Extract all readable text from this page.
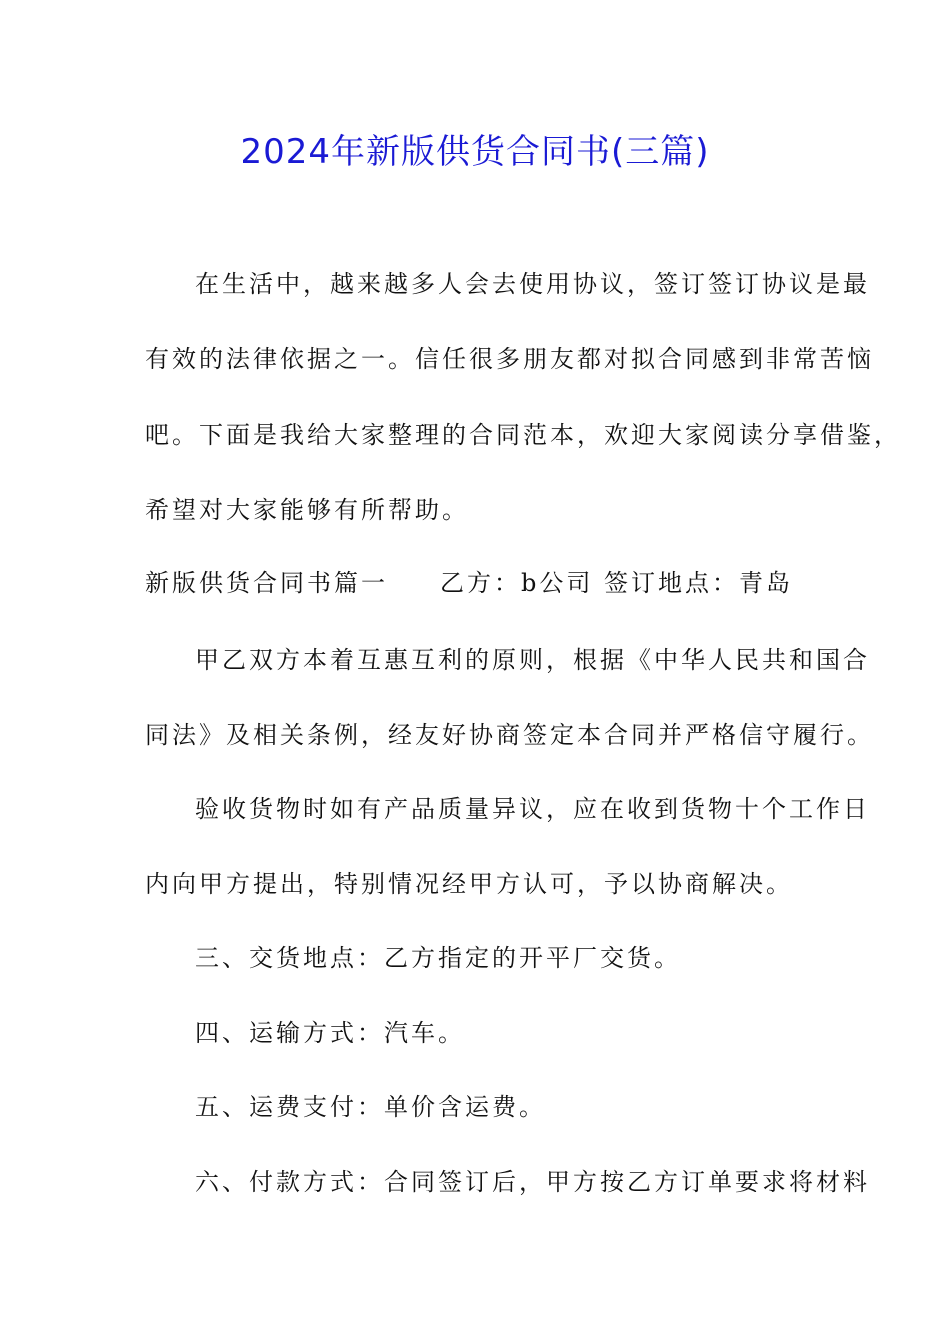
2024年新版供货合同书(三篇)

在生活中，越来越多人会去使用协议，签订签订协议是最

有效的法律依据之一。信任很多朋友都对拟合同感到非常苦恼

吧。下面是我给大家整理的合同范本，欢迎大家阅读分享借鉴，

希望对大家能够有所帮助。

新版供货合同书篇一 乙方：b公司 签订地点：青岛

甲乙双方本着互惠互利的原则，根据《中华人民共和国合

同法》及相关条例，经友好协商签定本合同并严格信守履行。

验收货物时如有产品质量异议，应在收到货物十个工作日

内向甲方提出，特别情况经甲方认可，予以协商解决。

三、交货地点：乙方指定的开平厂交货。

四、运输方式：汽车。

五、运费支付：单价含运费。

六、付款方式：合同签订后，甲方按乙方订单要求将材料
